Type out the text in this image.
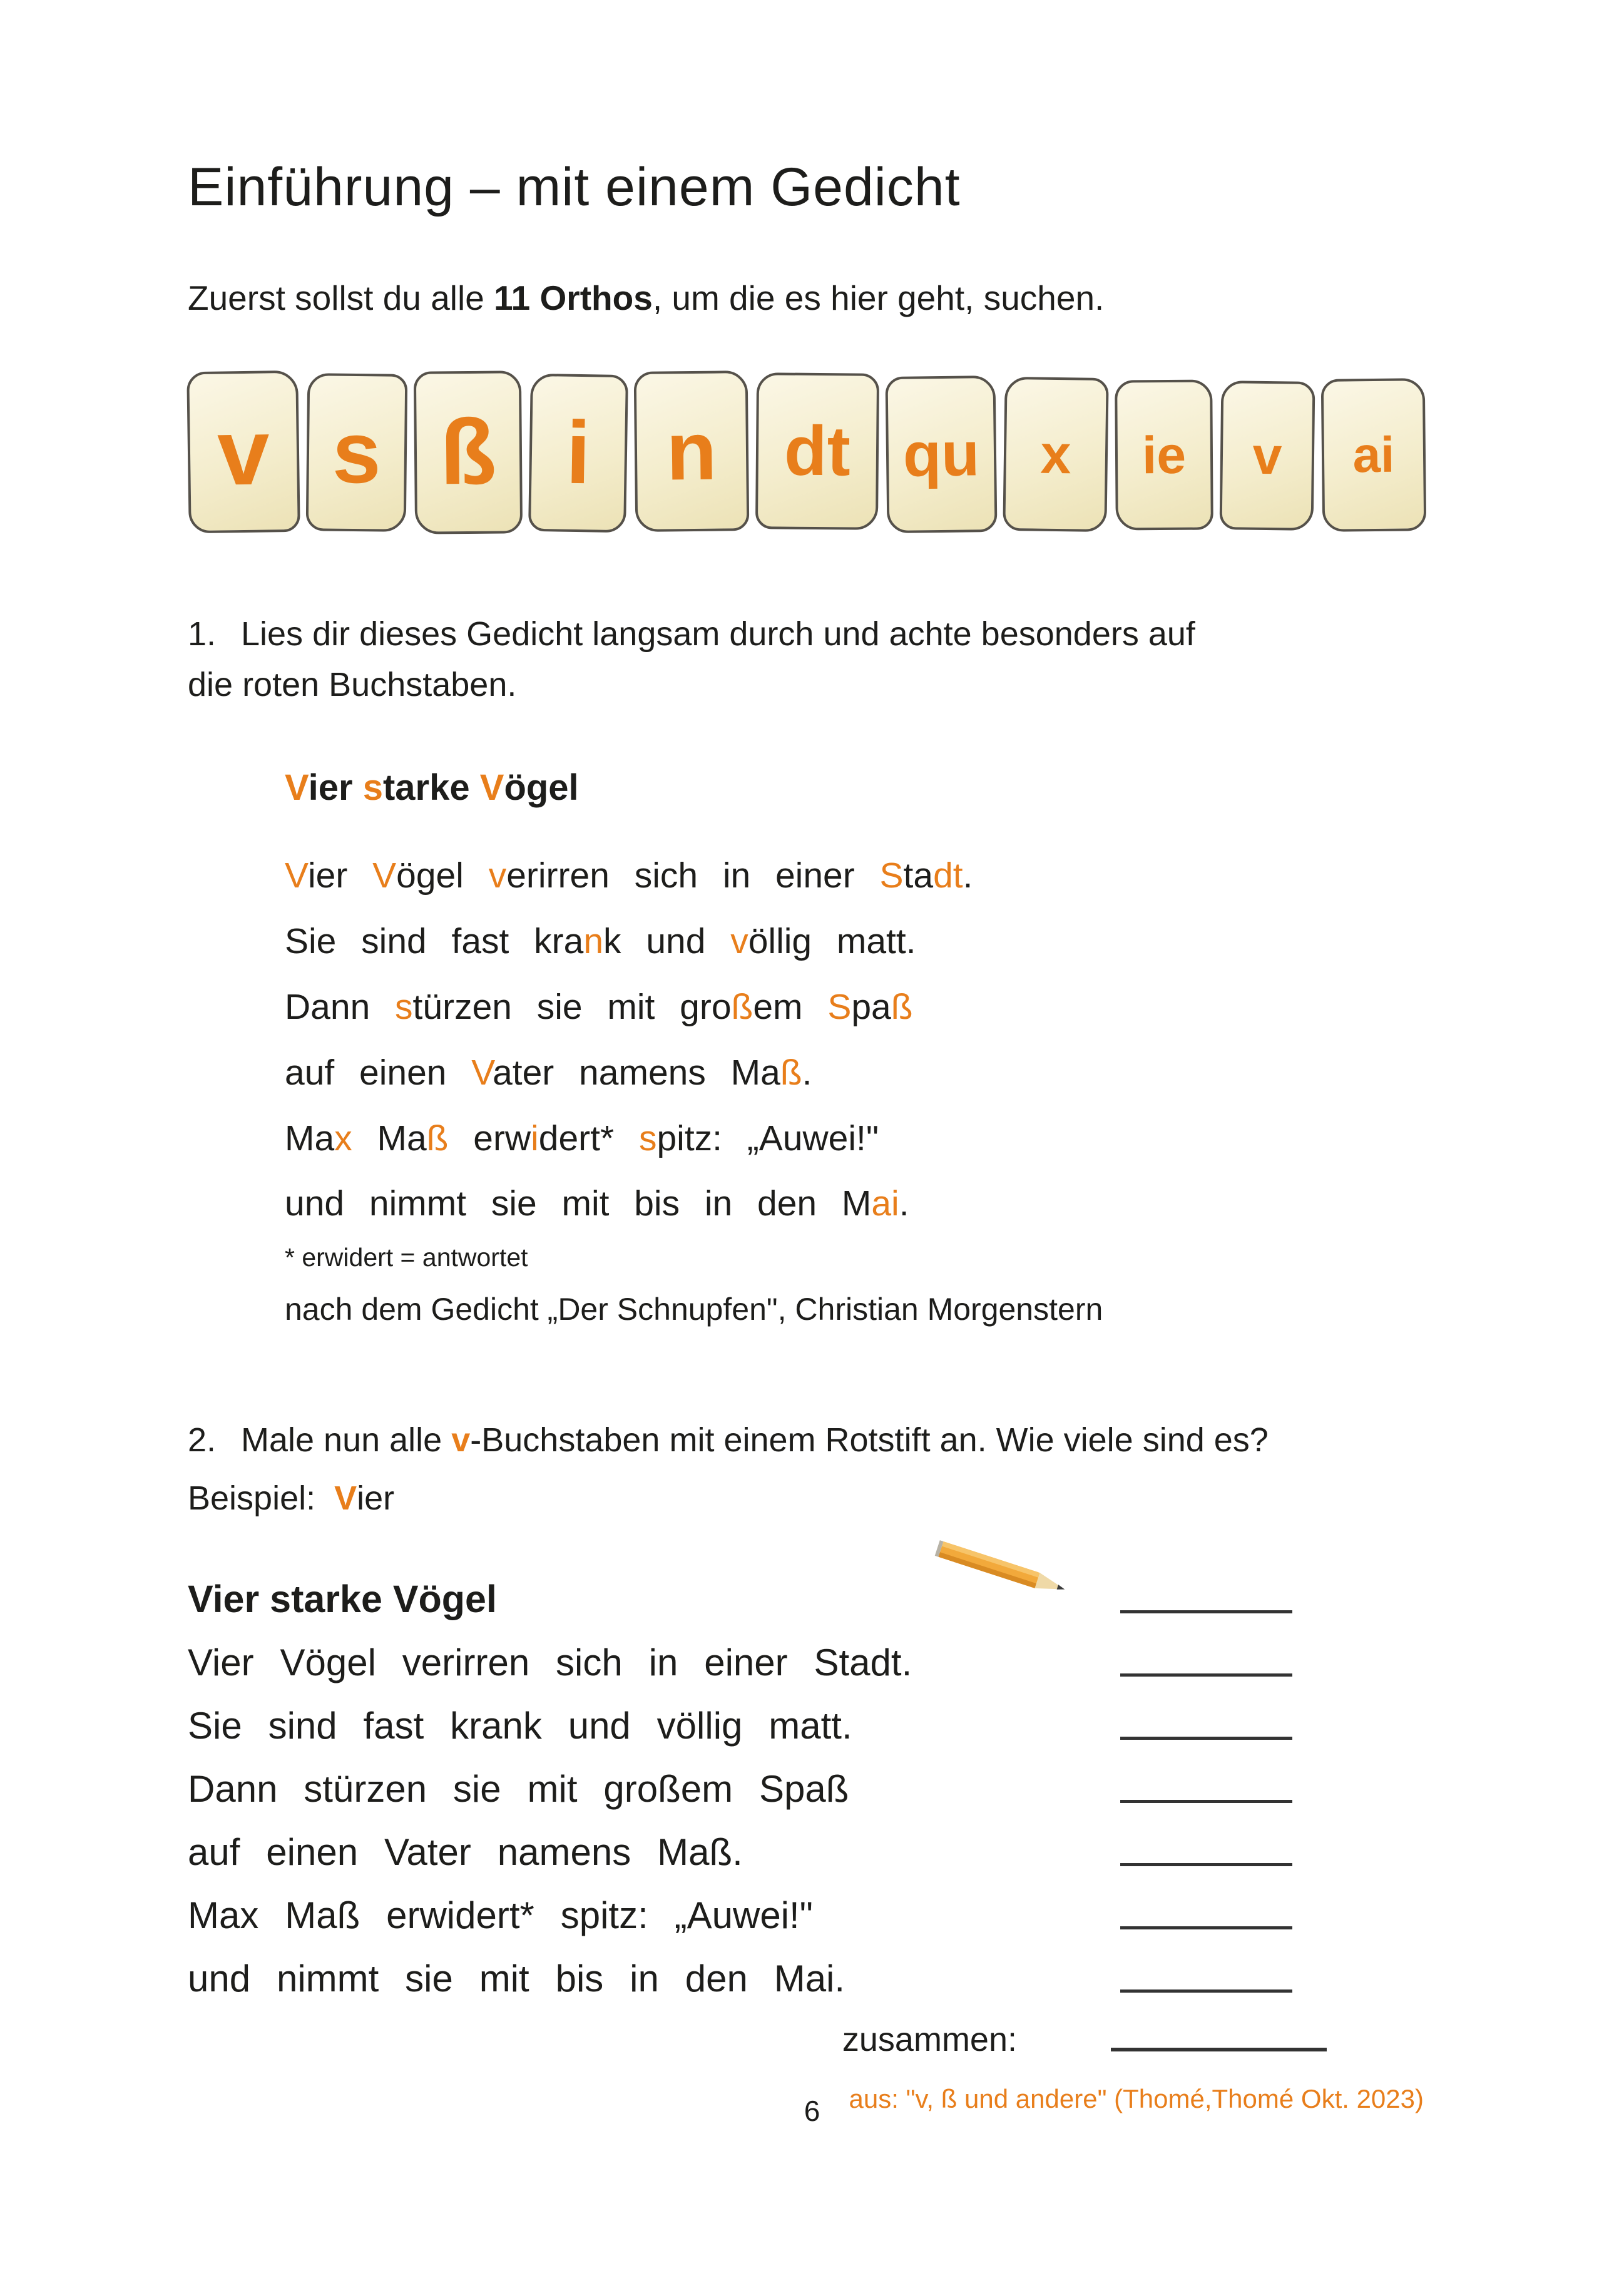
Einführung – mit einem Gedicht

Zuerst sollst du alle 11 Orthos, um die es hier geht, suchen.

v s ß i n dt qu x ie v ai
1. Lies dir dieses Gedicht langsam durch und achte besonders auf
die roten Buchstaben.
Vier starke Vögel
Vier Vögel verirren sich in einer Stadt.
Sie sind fast krank und völlig matt.
Dann stürzen sie mit großem Spaß
auf einen Vater namens Maß.
Max Maß erwidert* spitz: „Auwei!"
und nimmt sie mit bis in den Mai.
* erwidert = antwortet
nach dem Gedicht „Der Schnupfen", Christian Morgenstern
2. Male nun alle v-Buchstaben mit einem Rotstift an. Wie viele sind es?
Beispiel:  Vier
Vier starke Vögel
Vier Vögel verirren sich in einer Stadt.
Sie sind fast krank und völlig matt.
Dann stürzen sie mit großem Spaß
auf einen Vater namens Maß.
Max Maß erwidert* spitz: „Auwei!"
und nimmt sie mit bis in den Mai.
zusammen:
6 aus: "v, ß und andere" (Thomé,Thomé Okt. 2023)
